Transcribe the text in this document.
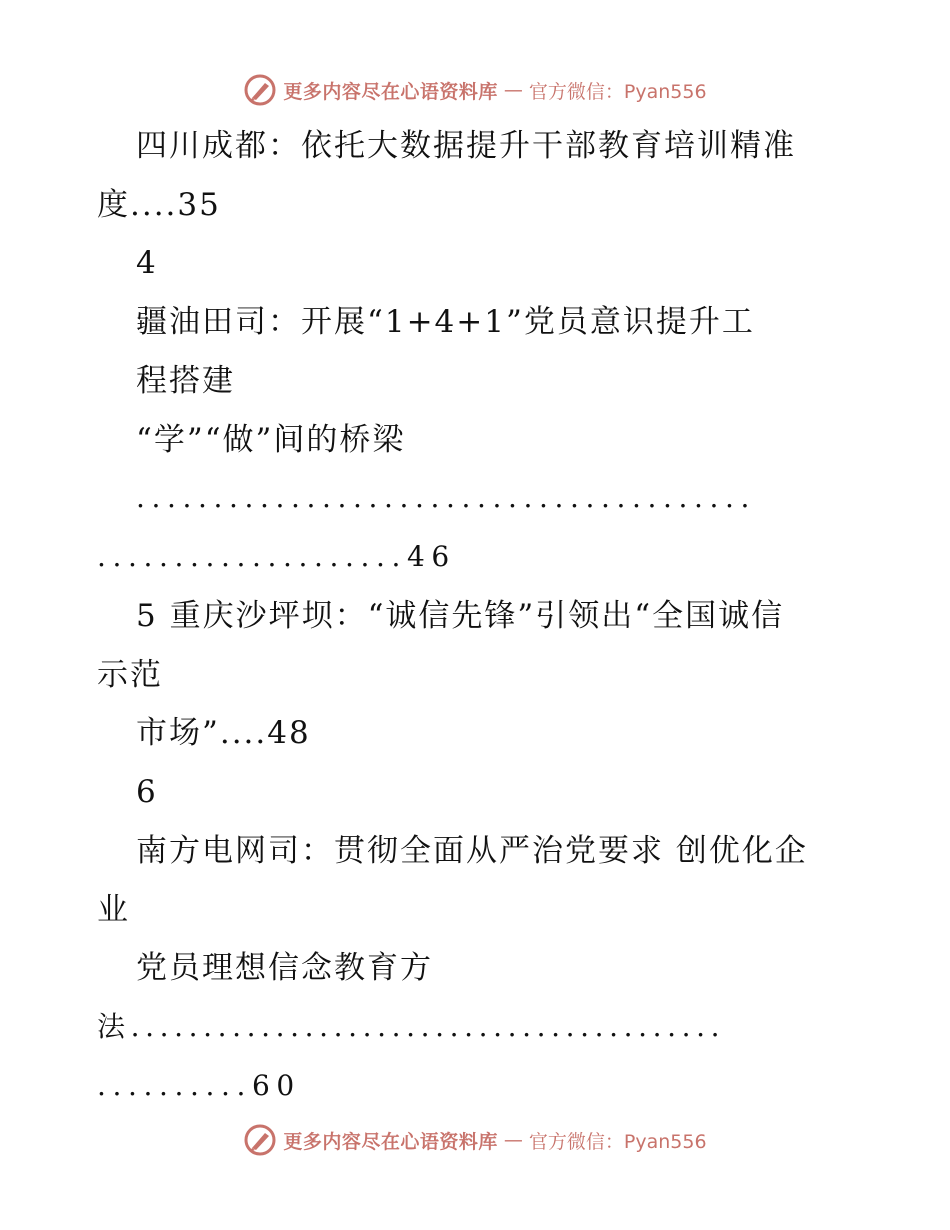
更多内容尽在心语资料库 — 官方微信：Pyan556
四川成都：依托大数据提升干部教育培训精准
度....35
4
疆油田司：开展“1+4+1”党员意识提升工
程搭建
“学”“做”间的桥梁
........................................
....................46
5 重庆沙坪坝：“诚信先锋”引领出“全国诚信
示范
市场”....48
6
南方电网司：贯彻全面从严治党要求 创优化企
业
党员理想信念教育方
法.........................................
..........60
更多内容尽在心语资料库 — 官方微信：Pyan556
